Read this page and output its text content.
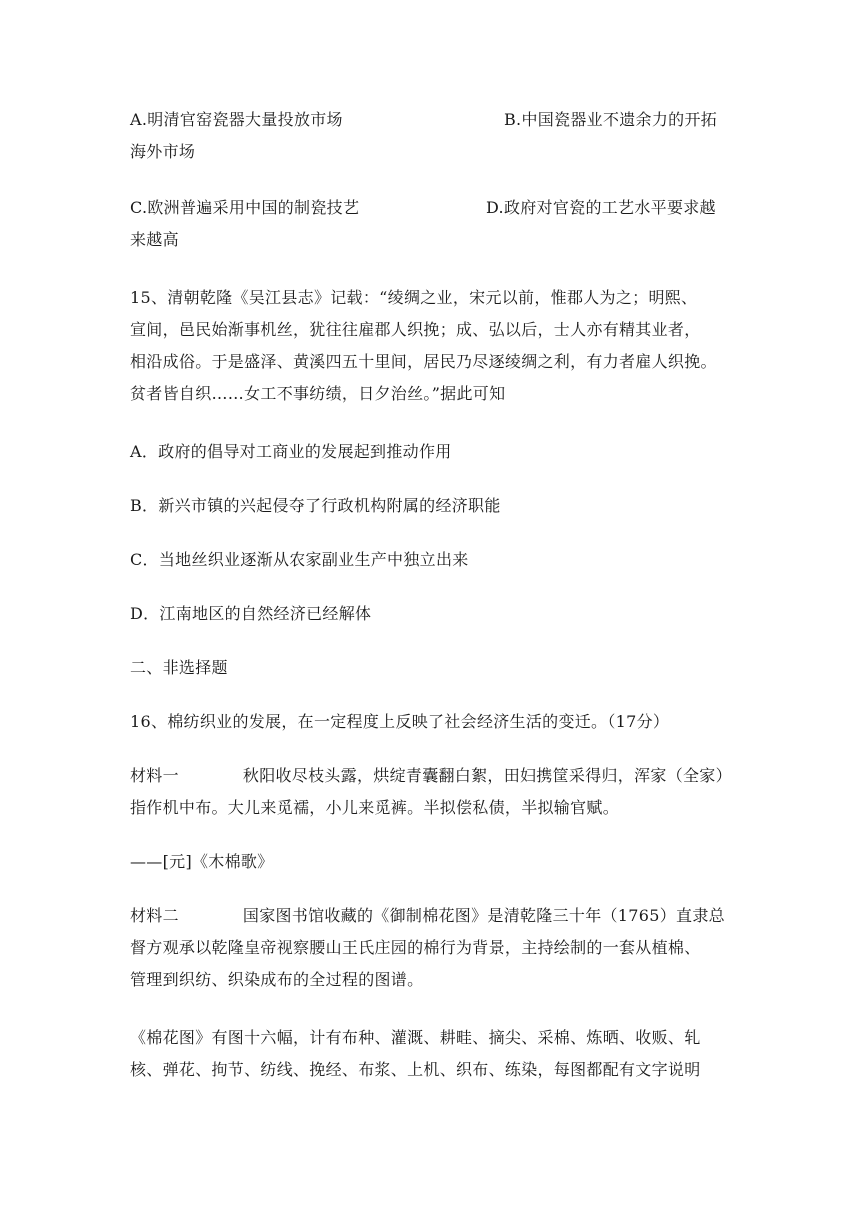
A.明清官窑瓷器大量投放市场	B.中国瓷器业不遗余力的开拓
海外市场
C.欧洲普遍采用中国的制瓷技艺	D.政府对官瓷的工艺水平要求越
来越高
15、清朝乾隆《吴江县志》记载：“绫绸之业，宋元以前，惟郡人为之；明熙、
宣间，邑民始渐事机丝，犹往往雇郡人织挽；成、弘以后，士人亦有精其业者，
相沿成俗。于是盛泽、黄溪四五十里间，居民乃尽逐绫绸之利，有力者雇人织挽。
贫者皆自织……女工不事纺绩，日夕治丝。”据此可知
A．政府的倡导对工商业的发展起到推动作用
B．新兴市镇的兴起侵夺了行政机构附属的经济职能
C．当地丝织业逐渐从农家副业生产中独立出来
D．江南地区的自然经济已经解体
二、非选择题
16、棉纺织业的发展，在一定程度上反映了社会经济生活的变迁。（17分）
材料一	秋阳收尽枝头露，烘绽青囊翻白絮，田妇携筐采得归，浑家（全家）
指作机中布。大儿来觅襦，小儿来觅裤。半拟偿私债，半拟输官赋。
——[元]《木棉歌》
材料二	国家图书馆收藏的《御制棉花图》是清乾隆三十年（1765）直隶总
督方观承以乾隆皇帝视察腰山王氏庄园的棉行为背景，主持绘制的一套从植棉、
管理到织纺、织染成布的全过程的图谱。
《棉花图》有图十六幅，计有布种、灌溉、耕畦、摘尖、采棉、炼晒、收贩、轧
核、弹花、拘节、纺线、挽经、布浆、上机、织布、练染，每图都配有文字说明
